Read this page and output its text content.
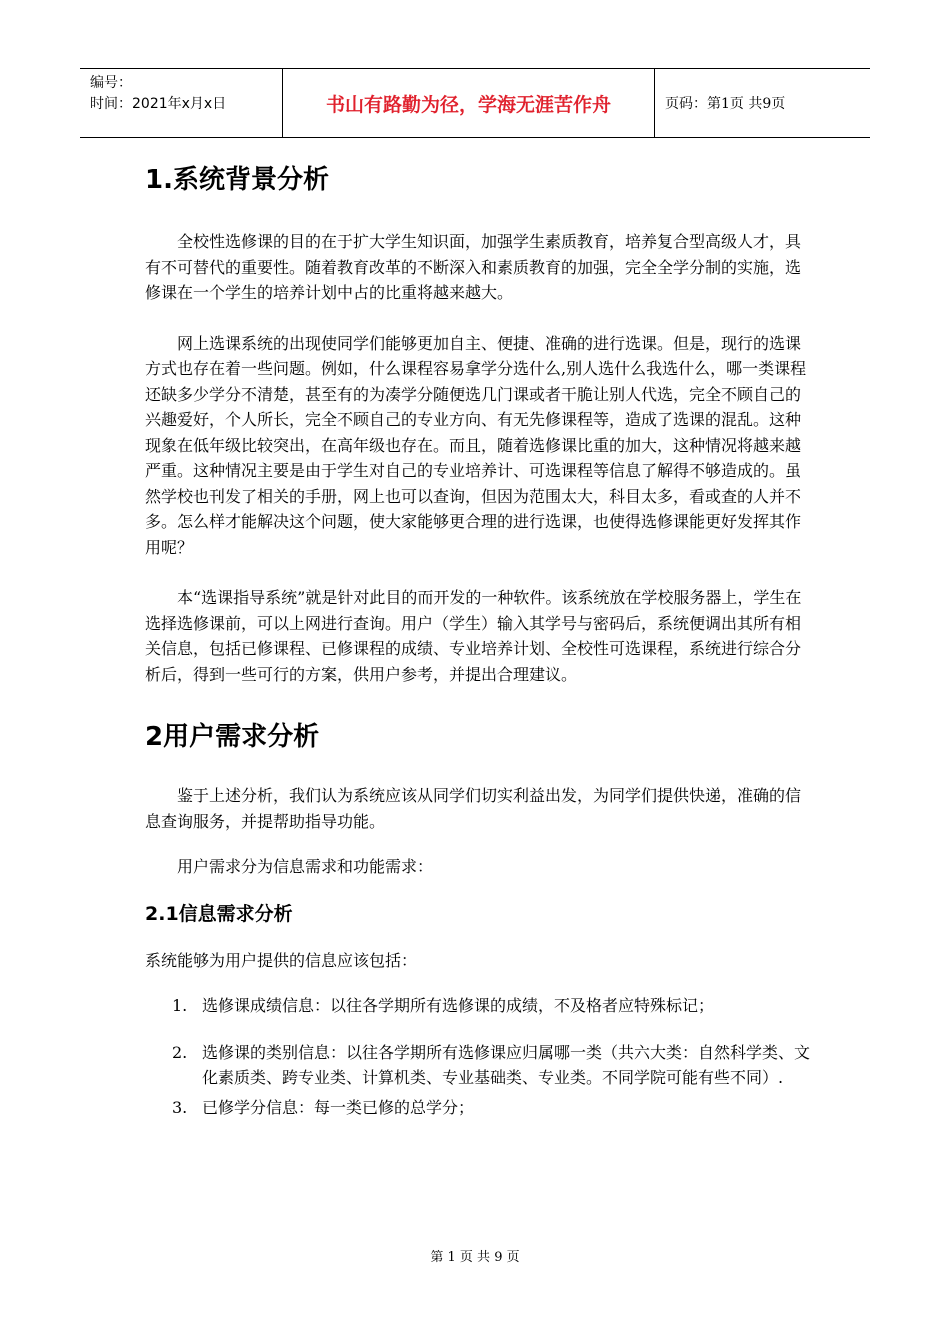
编号：
时间：2021年x月x日	书山有路勤为径，学海无涯苦作舟	页码：第1页 共9页
1.系统背景分析

全校性选修课的目的在于扩大学生知识面，加强学生素质教育，培养复合型高级人才，具有不可替代的重要性。随着教育改革的不断深入和素质教育的加强，完全全学分制的实施，选修课在一个学生的培养计划中占的比重将越来越大。

网上选课系统的出现使同学们能够更加自主、便捷、准确的进行选课。但是，现行的选课方式也存在着一些问题。例如，什么课程容易拿学分选什么,别人选什么我选什么，哪一类课程还缺多少学分不清楚，甚至有的为凑学分随便选几门课或者干脆让别人代选，完全不顾自己的兴趣爱好，个人所长，完全不顾自己的专业方向、有无先修课程等，造成了选课的混乱。这种现象在低年级比较突出，在高年级也存在。而且，随着选修课比重的加大，这种情况将越来越严重。这种情况主要是由于学生对自己的专业培养计、可选课程等信息了解得不够造成的。虽然学校也刊发了相关的手册，网上也可以查询，但因为范围太大，科目太多，看或查的人并不多。怎么样才能解决这个问题，使大家能够更合理的进行选课，也使得选修课能更好发挥其作用呢？

本“选课指导系统”就是针对此目的而开发的一种软件。该系统放在学校服务器上，学生在选择选修课前，可以上网进行查询。用户（学生）输入其学号与密码后，系统便调出其所有相关信息，包括已修课程、已修课程的成绩、专业培养计划、全校性可选课程，系统进行综合分析后，得到一些可行的方案，供用户参考，并提出合理建议。

2用户需求分析

鉴于上述分析，我们认为系统应该从同学们切实利益出发，为同学们提供快递，准确的信息查询服务，并提帮助指导功能。

用户需求分为信息需求和功能需求：

2.1信息需求分析

系统能够为用户提供的信息应该包括：

1. 选修课成绩信息：以往各学期所有选修课的成绩，不及格者应特殊标记；
2. 选修课的类别信息：以往各学期所有选修课应归属哪一类（共六大类：自然科学类、文化素质类、跨专业类、计算机类、专业基础类、专业类。不同学院可能有些不同）.
3. 已修学分信息：每一类已修的总学分；
第 1 页 共 9 页
